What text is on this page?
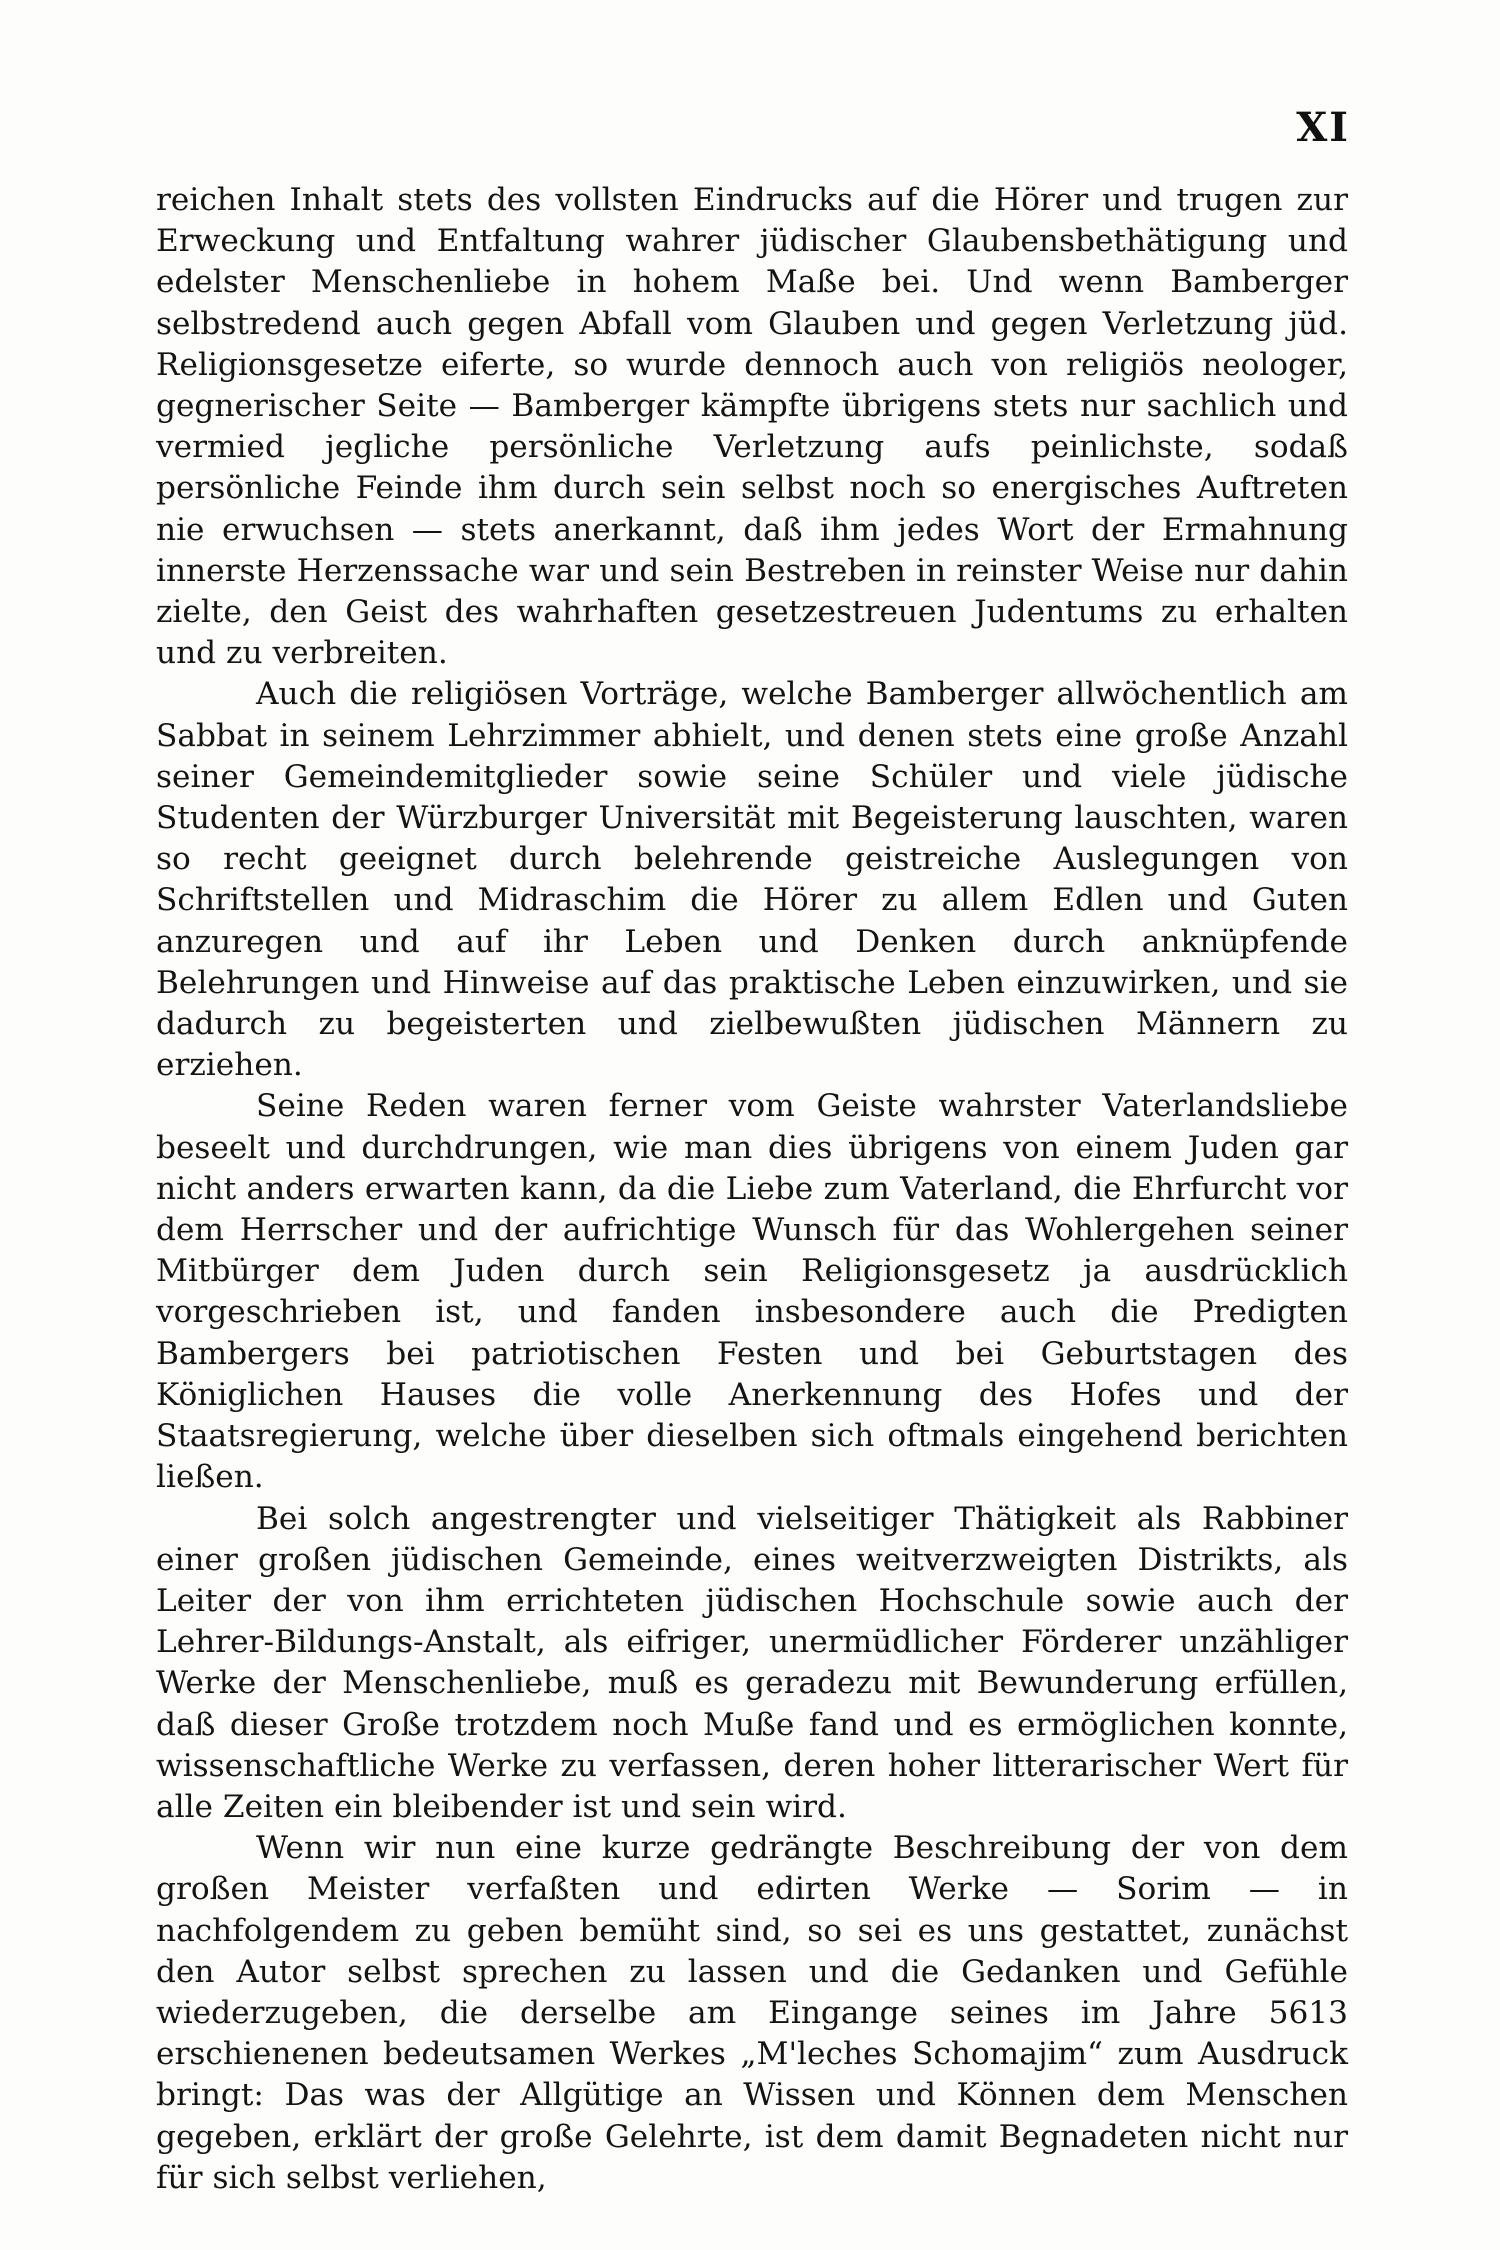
XI

reichen Inhalt stets des vollsten Eindrucks auf die Hörer und trugen zur Erweckung und Entfaltung wahrer jüdischer Glaubensbethätigung und edelster Menschenliebe in hohem Maße bei. Und wenn Bamberger selbstredend auch gegen Abfall vom Glauben und gegen Verletzung jüd. Religionsgesetze eiferte, so wurde dennoch auch von religiös neologer, gegnerischer Seite — Bamberger kämpfte übrigens stets nur sachlich und vermied jegliche persönliche Verletzung aufs peinlichste, sodaß persönliche Feinde ihm durch sein selbst noch so energisches Auftreten nie erwuchsen — stets anerkannt, daß ihm jedes Wort der Ermahnung innerste Herzenssache war und sein Bestreben in reinster Weise nur dahin zielte, den Geist des wahrhaften gesetzestreuen Judentums zu erhalten und zu verbreiten.

Auch die religiösen Vorträge, welche Bamberger allwöchentlich am Sabbat in seinem Lehrzimmer abhielt, und denen stets eine große Anzahl seiner Gemeindemitglieder sowie seine Schüler und viele jüdische Studenten der Würzburger Universität mit Begeisterung lauschten, waren so recht geeignet durch belehrende geistreiche Auslegungen von Schriftstellen und Midraschim die Hörer zu allem Edlen und Guten anzuregen und auf ihr Leben und Denken durch anknüpfende Belehrungen und Hinweise auf das praktische Leben einzuwirken, und sie dadurch zu begeisterten und zielbewußten jüdischen Männern zu erziehen.

Seine Reden waren ferner vom Geiste wahrster Vaterlandsliebe beseelt und durchdrungen, wie man dies übrigens von einem Juden gar nicht anders erwarten kann, da die Liebe zum Vaterland, die Ehrfurcht vor dem Herrscher und der aufrichtige Wunsch für das Wohlergehen seiner Mitbürger dem Juden durch sein Religionsgesetz ja ausdrücklich vorgeschrieben ist, und fanden insbesondere auch die Predigten Bambergers bei patriotischen Festen und bei Geburtstagen des Königlichen Hauses die volle Anerkennung des Hofes und der Staatsregierung, welche über dieselben sich oftmals eingehend berichten ließen.

Bei solch angestrengter und vielseitiger Thätigkeit als Rabbiner einer großen jüdischen Gemeinde, eines weitverzweigten Distrikts, als Leiter der von ihm errichteten jüdischen Hochschule sowie auch der Lehrer-Bildungs-Anstalt, als eifriger, unermüdlicher Förderer unzähliger Werke der Menschenliebe, muß es geradezu mit Bewunderung erfüllen, daß dieser Große trotzdem noch Muße fand und es ermöglichen konnte, wissenschaftliche Werke zu verfassen, deren hoher litterarischer Wert für alle Zeiten ein bleibender ist und sein wird.

Wenn wir nun eine kurze gedrängte Beschreibung der von dem großen Meister verfaßten und edirten Werke — Sorim — in nachfolgendem zu geben bemüht sind, so sei es uns gestattet, zunächst den Autor selbst sprechen zu lassen und die Gedanken und Gefühle wiederzugeben, die derselbe am Eingange seines im Jahre 5613 erschienenen bedeutsamen Werkes „M'leches Schomajim“ zum Ausdruck bringt: Das was der Allgütige an Wissen und Können dem Menschen gegeben, erklärt der große Gelehrte, ist dem damit Begnadeten nicht nur für sich selbst verliehen,
